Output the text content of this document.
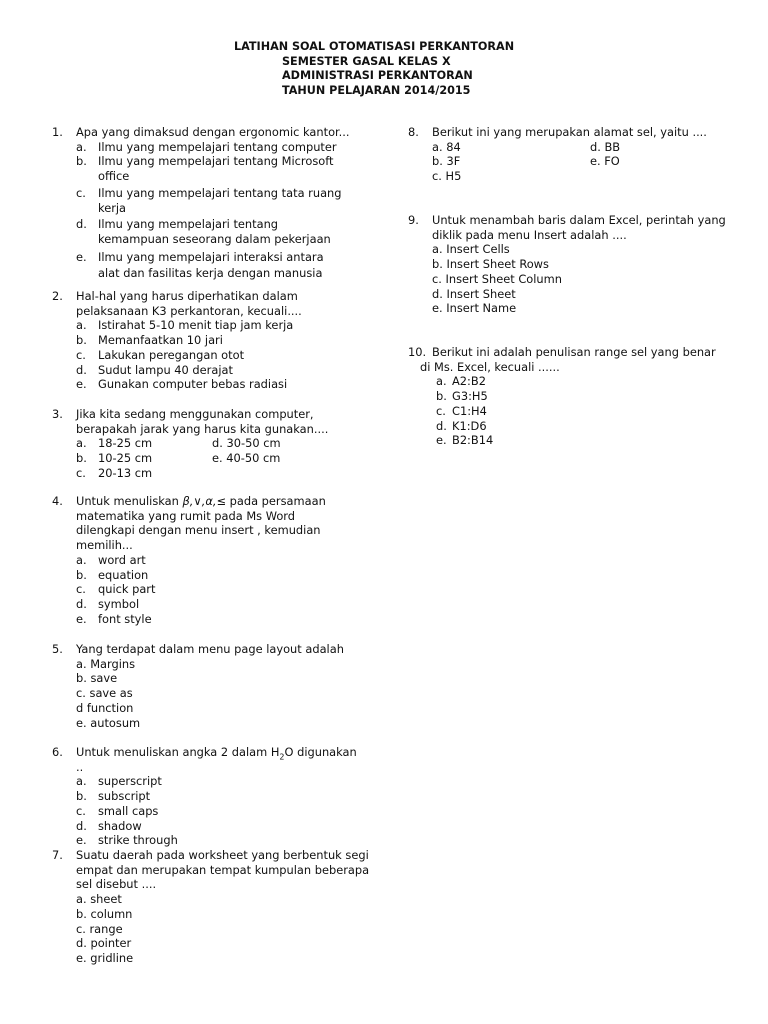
LATIHAN SOAL OTOMATISASI PERKANTORAN
SEMESTER GASAL KELAS X
ADMINISTRASI PERKANTORAN
TAHUN PELAJARAN 2014/2015
1.	Apa yang dimaksud dengan ergonomic kantor...
a. Ilmu yang mempelajari tentang computer
b. Ilmu yang mempelajari tentang Microsoft office
c.	Ilmu yang mempelajari tentang tata ruang kerja
d. Ilmu yang mempelajari tentang kemampuan seseorang dalam pekerjaan
e. Ilmu yang mempelajari interaksi antara alat dan fasilitas kerja dengan manusia
2.	Hal-hal yang harus diperhatikan dalam pelaksanaan K3 perkantoran, kecuali....
a. Istirahat 5-10 menit tiap jam kerja
b. Memanfaatkan 10 jari
c.	Lakukan peregangan otot
d. Sudut lampu 40 derajat
e. Gunakan computer bebas radiasi
3.	Jika kita sedang menggunakan computer, berapakah jarak yang harus kita gunakan....
a. 18-25 cm	d. 30-50 cm
b. 10-25 cm	e. 40-50 cm
c.	20-13 cm
4.	Untuk menuliskan β,∨,α,≤ pada persamaan matematika yang rumit pada Ms Word dilengkapi dengan menu insert , kemudian memilih...
a. word art
b. equation
c.	quick part
d. symbol
e. font style
5.	Yang terdapat dalam menu page layout adalah
a. Margins
b. save
c. save as
d function
e. autosum
6.	Untuk menuliskan angka 2 dalam $H_2O$ digunakan ..
a. superscript
b. subscript
c.	small caps
d. shadow
e. strike through
7.	Suatu daerah pada worksheet yang berbentuk segi empat dan merupakan tempat kumpulan beberapa sel disebut ....
a. sheet
b. column
c. range
d. pointer
e. gridline
8.	Berikut ini yang merupakan alamat sel, yaitu ....
a. 84	d. BB
b. 3F	e. FO
c. H5
9.	Untuk menambah baris dalam Excel, perintah yang diklik pada menu Insert adalah ....
a. Insert Cells
b. Insert Sheet Rows
c. Insert Sheet Column
d. Insert Sheet
e. Insert Name
10. Berikut ini adalah penulisan range sel yang benar
di Ms. Excel, kecuali ......
a. A2:B2
b. G3:H5
c. C1:H4
d. K1:D6
e. B2:B14
